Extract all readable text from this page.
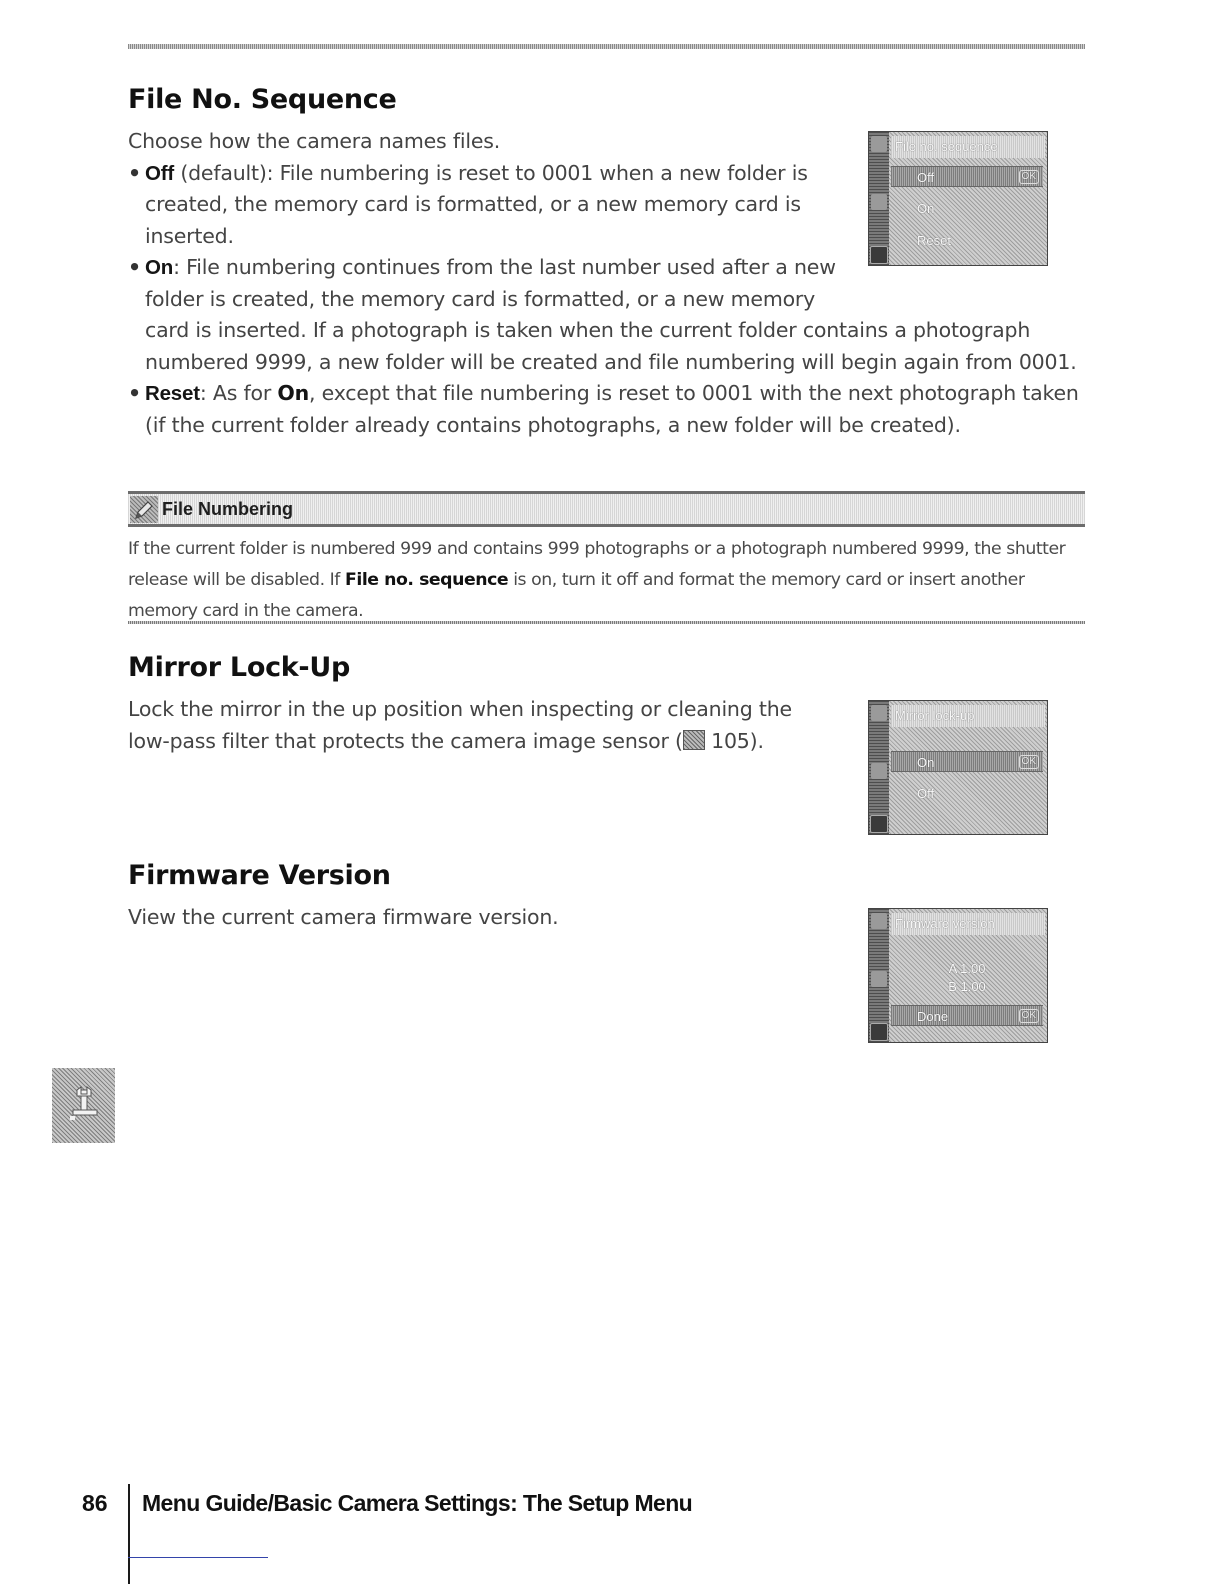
File No. Sequence

Choose how the camera names files.

• Off (default): File numbering is reset to 0001 when a new folder is created, the memory card is formatted, or a new memory card is inserted.
• On: File numbering continues from the last number used after a new folder is created, the memory card is formatted, or a new memory card is inserted. If a photograph is taken when the current folder contains a photograph numbered 9999, a new folder will be created and file numbering will begin again from 0001.
• Reset: As for On, except that file numbering is reset to 0001 with the next photograph taken (if the current folder already contains photographs, a new folder will be created).
File no. sequence
Off	OK
On
Reset
File Numbering

If the current folder is numbered 999 and contains 999 photographs or a photograph numbered 9999, the shutter release will be disabled. If File no. sequence is on, turn it off and format the memory card or insert another memory card in the camera.

Mirror Lock-Up

Lock the mirror in the up position when inspecting or cleaning the low-pass filter that protects the camera image sensor ( 105).

Mirror lock-up
On	OK
Off
Firmware Version

View the current camera firmware version.	Firmware version
A 1.00
B 1.00
Done	OK
86 Menu Guide/Basic Camera Settings: The Setup Menu
